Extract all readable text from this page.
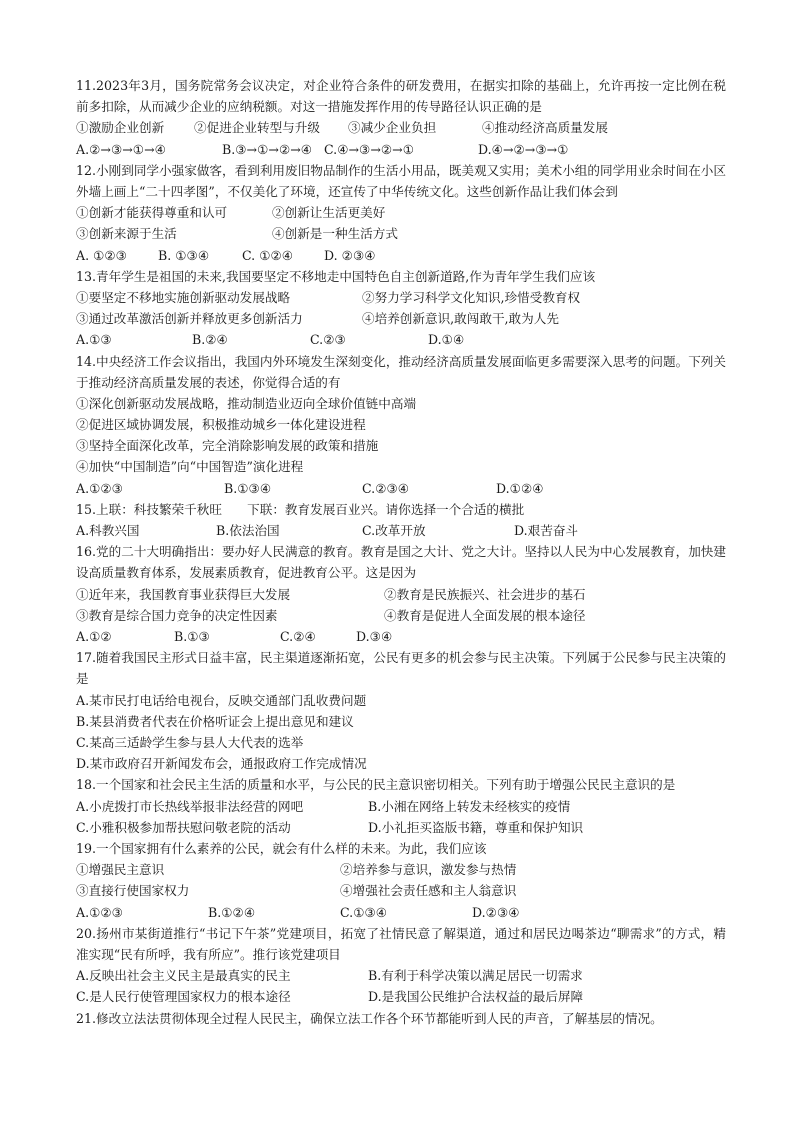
11.2023年3月，国务院常务会议决定，对企业符合条件的研发费用，在据实扣除的基础上，允许再按一定比例在税前多扣除，从而减少企业的应纳税额。对这一措施发挥作用的传导路径认识正确的是
①激励企业创新 ②促进企业转型与升级 ③减少企业负担	④推动经济高质量发展
A.②→③→①→④	B.③→①→②→④ C.④→③→②→①	D.④→②→③→①
12.小刚到同学小强家做客，看到利用废旧物品制作的生活小用品，既美观又实用；美术小组的同学用业余时间在小区外墙上画上“二十四孝图”，不仅美化了环境，还宣传了中华传统文化。这些创新作品让我们体会到
①创新才能获得尊重和认可	②创新让生活更美好
③创新来源于生活	④创新是一种生活方式
A. ①②③ B. ①③④	C. ①②④ D. ②③④
13.青年学生是祖国的未来,我国要坚定不移地走中国特色自主创新道路,作为青年学生我们应该
①要坚定不移地实施创新驱动发展战略	②努力学习科学文化知识,珍惜受教育权
③通过改革激活创新并释放更多创新活力	④培养创新意识,敢闯敢干,敢为人先
A.①③	B.②④	C.②③	D.①④
14.中央经济工作会议指出，我国内外环境发生深刻变化，推动经济高质量发展面临更多需要深入思考的问题。下列关于推动经济高质量发展的表述，你觉得合适的有
①深化创新驱动发展战略，推动制造业迈向全球价值链中高端
②促进区域协调发展，积极推动城乡一体化建设进程
③坚持全面深化改革，完全消除影响发展的政策和措施
④加快“中国制造”向“中国智造”演化进程
A.①②③	B.①③④	C.②③④	D.①②④
15.上联：科技繁荣千秋旺　　下联：教育发展百业兴。请你选择一个合适的横批
A.科教兴国	B.依法治国	C.改革开放	D.艰苦奋斗
16.党的二十大明确指出：要办好人民满意的教育。教育是国之大计、党之大计。坚持以人民为中心发展教育，加快建设高质量教育体系，发展素质教育，促进教育公平。这是因为
①近年来，我国教育事业获得巨大发展	②教育是民族振兴、社会进步的基石
③教育是综合国力竞争的决定性因素	④教育是促进人全面发展的根本途径
A.①②	B.①③	C.②④	D.③④
17.随着我国民主形式日益丰富，民主渠道逐渐拓宽，公民有更多的机会参与民主决策。下列属于公民参与民主决策的是
A.某市民打电话给电视台，反映交通部门乱收费问题
B.某县消费者代表在价格听证会上提出意见和建议
C.某高三适龄学生参与县人大代表的选举
D.某市政府召开新闻发布会，通报政府工作完成情况
18.一个国家和社会民主生活的质量和水平，与公民的民主意识密切相关。下列有助于增强公民民主意识的是
A.小虎拨打市长热线举报非法经营的网吧	B.小湘在网络上转发未经核实的疫情
C.小雅积极参加帮扶慰问敬老院的活动	D.小礼拒买盗版书籍，尊重和保护知识
19.一个国家拥有什么素养的公民，就会有什么样的未来。为此，我们应该
①增强民主意识	②培养参与意识，激发参与热情
③直接行使国家权力	④增强社会责任感和主人翁意识
A.①②③	B.①②④	C.①③④	D.②③④
20.扬州市某街道推行“书记下午茶”党建项目，拓宽了社情民意了解渠道，通过和居民边喝茶边“聊需求”的方式，精准实现“民有所呼，我有所应”。推行该党建项目
A.反映出社会主义民主是最真实的民主	B.有利于科学决策以满足居民一切需求
C.是人民行使管理国家权力的根本途径	D.是我国公民维护合法权益的最后屏障
21.修改立法法贯彻体现全过程人民民主，确保立法工作各个环节都能听到人民的声音，了解基层的情况。
